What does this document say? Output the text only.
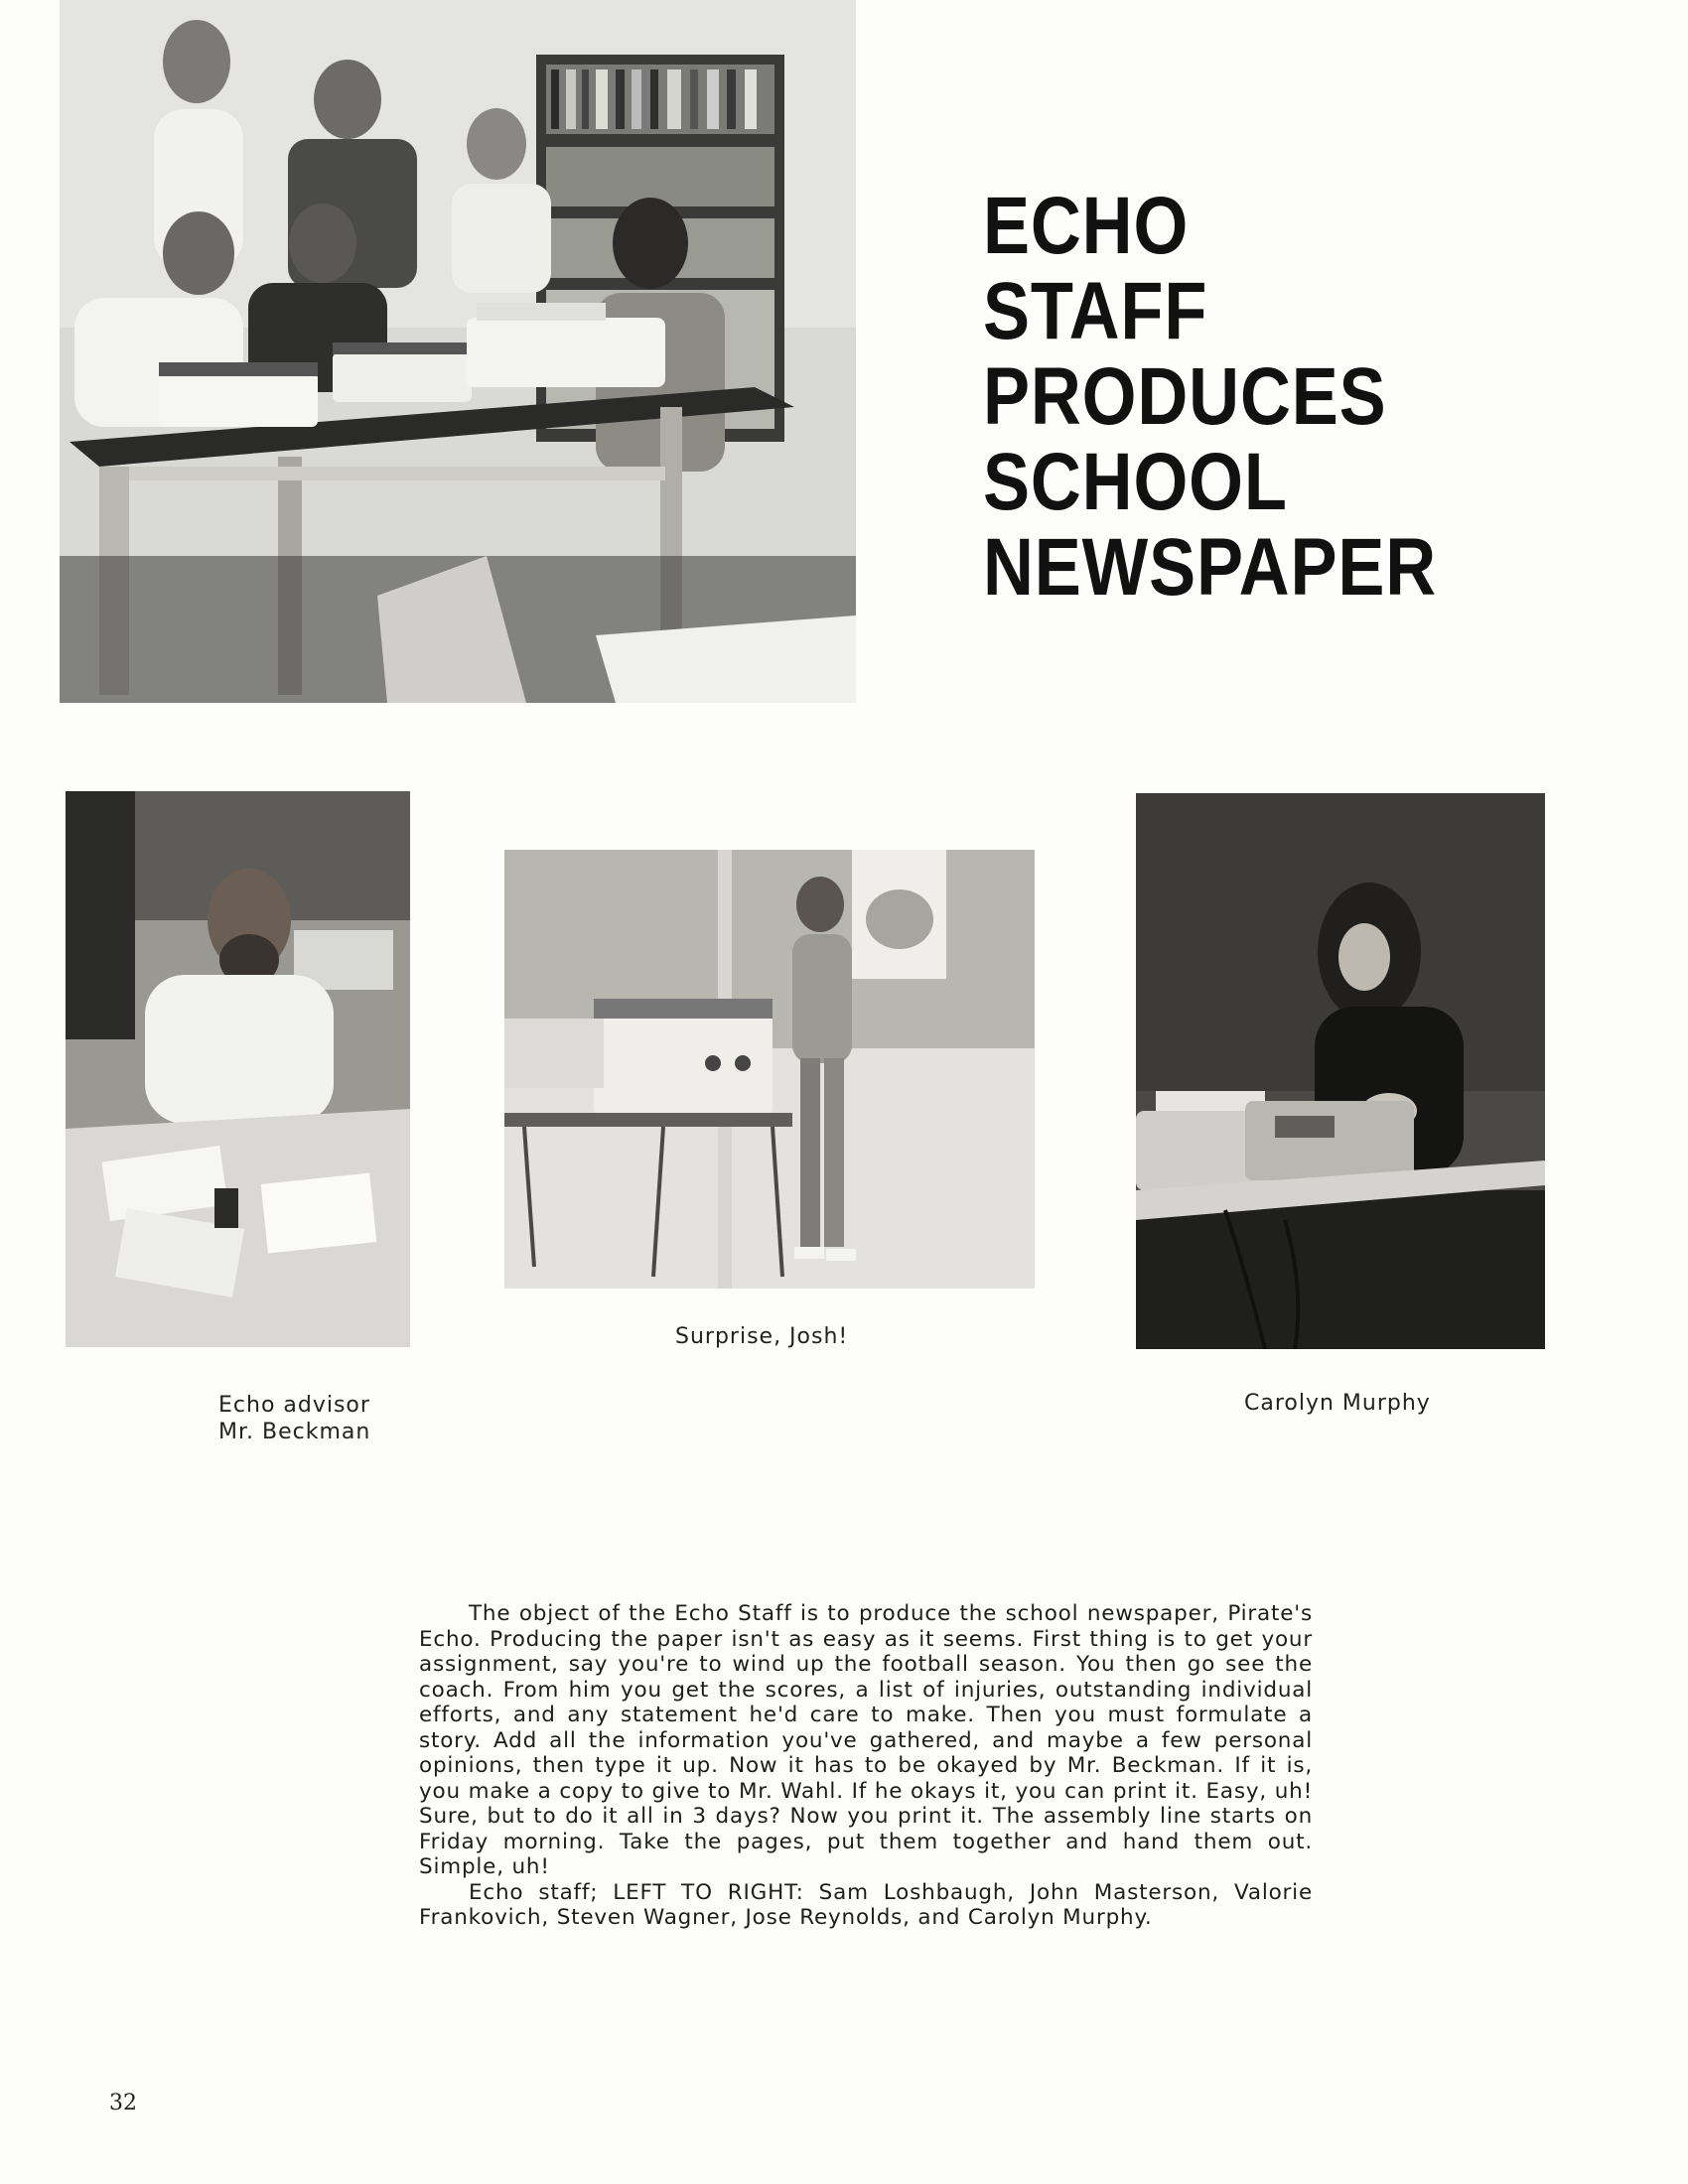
ECHO STAFF
PRODUCES
SCHOOL
NEWSPAPER
Echo advisor
Mr. Beckman
Surprise, Josh!
Carolyn Murphy

The object of the Echo Staff is to produce the school newspaper, Pirate's Echo. Producing the paper isn't as easy as it seems. First thing is to get your assignment, say you're to wind up the football season. You then go see the coach. From him you get the scores, a list of injuries, outstanding individual efforts, and any statement he'd care to make. Then you must formulate a story. Add all the information you've gathered, and maybe a few personal opinions, then type it up. Now it has to be okayed by Mr. Beckman. If it is, you make a copy to give to Mr. Wahl. If he okays it, you can print it. Easy, uh! Sure, but to do it all in 3 days? Now you print it. The assembly line starts on Friday morning. Take the pages, put them together and hand them out. Simple, uh!

Echo staff; LEFT TO RIGHT: Sam Loshbaugh, John Masterson, Valorie Frankovich, Steven Wagner, Jose Reynolds, and Carolyn Murphy.

32
